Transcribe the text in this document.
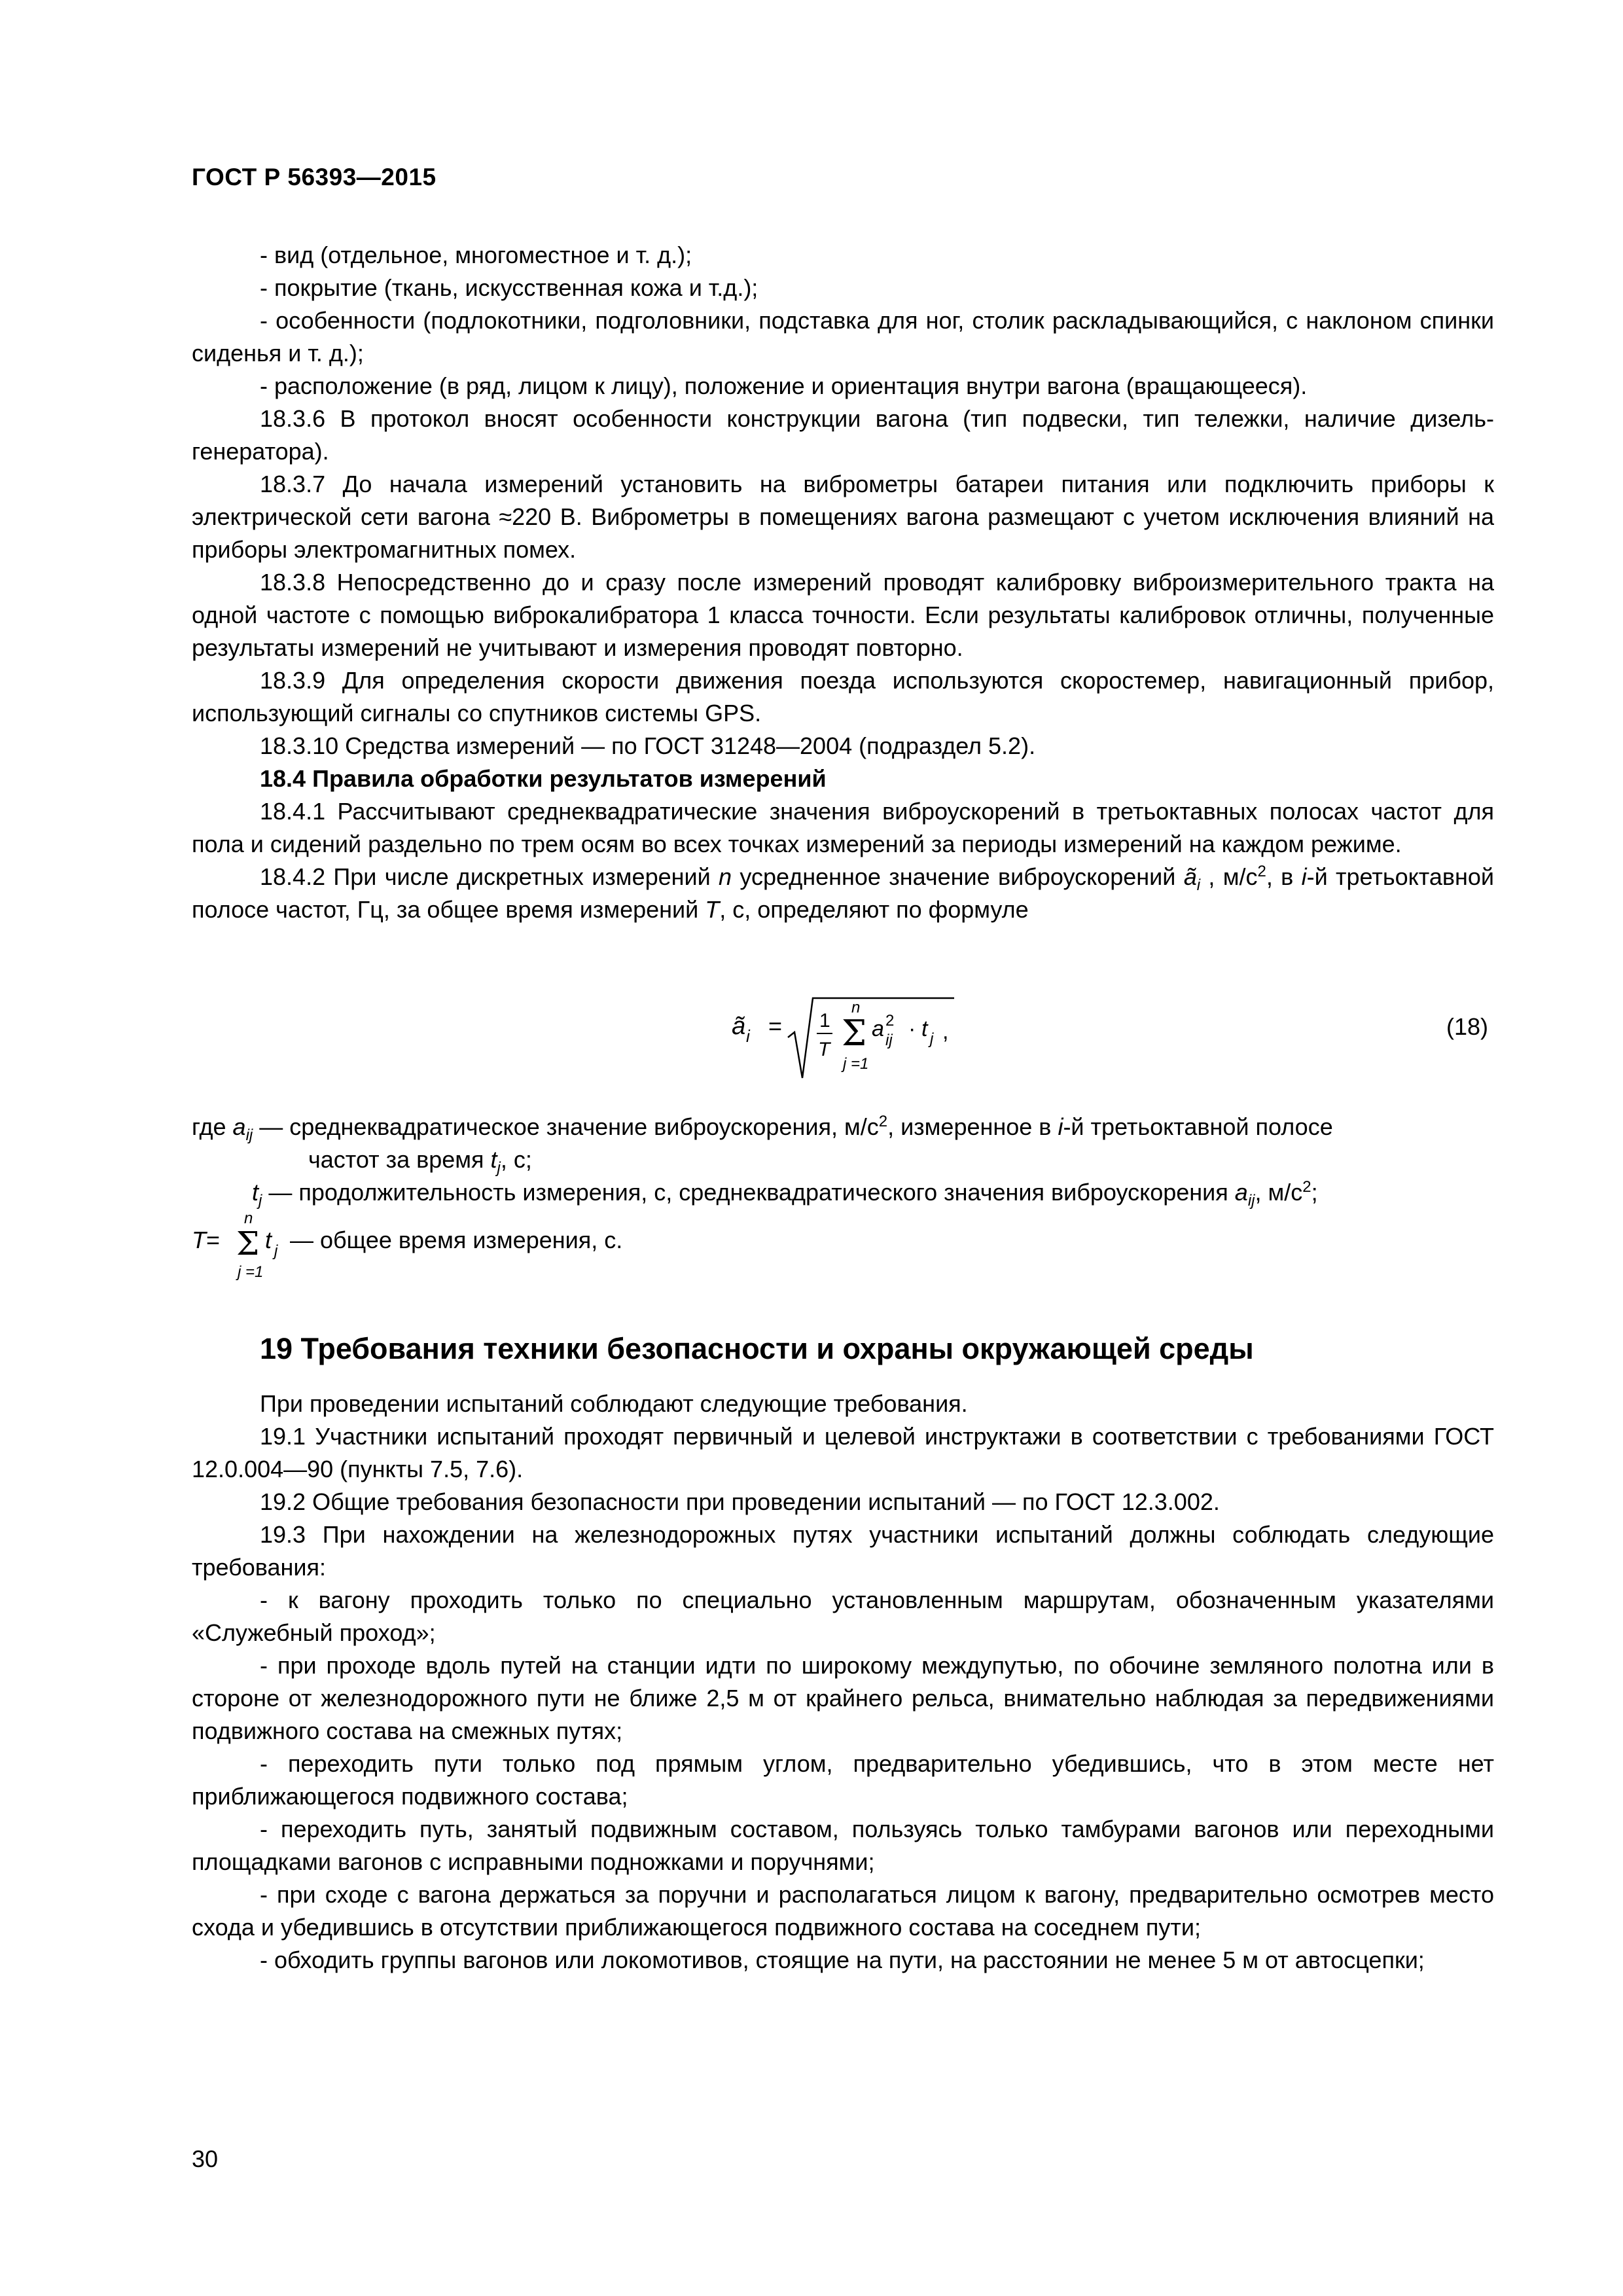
ГОСТ Р 56393—2015

- вид (отдельное, многоместное и т. д.);

- покрытие (ткань, искусственная кожа и т.д.);

- особенности (подлокотники, подголовники, подставка для ног, столик раскладывающийся, с наклоном спинки сиденья и т. д.);

- расположение (в ряд, лицом к лицу), положение и ориентация внутри вагона (вращающееся).

18.3.6 В протокол вносят особенности конструкции вагона (тип подвески, тип тележки, наличие дизель-генератора).

18.3.7 До начала измерений установить на виброметры батареи питания или подключить приборы к электрической сети вагона ≈220 В. Виброметры в помещениях вагона размещают с учетом исключения влияний на приборы электромагнитных помех.

18.3.8 Непосредственно до и сразу после измерений проводят калибровку виброизмерительного тракта на одной частоте с помощью виброкалибратора 1 класса точности. Если результаты калибровок отличны, полученные результаты измерений не учитывают и измерения проводят повторно.

18.3.9 Для определения скорости движения поезда используются скоростемер, навигационный прибор, использующий сигналы со спутников системы GPS.

18.3.10 Средства измерений — по ГОСТ 31248—2004 (подраздел 5.2).

18.4 Правила обработки результатов измерений

18.4.1 Рассчитывают среднеквадратические значения виброускорений в третьоктавных полосах частот для пола и сидений раздельно по трем осям во всех точках измерений за периоды измерений на каждом режиме.

18.4.2 При числе дискретных измерений n усредненное значение виброускорений $ã_i$ , $м/с^2$, в i-й третьоктавной полосе частот, Гц, за общее время измерений T, с, определяют по формуле

ã i = 1
T
n
Σ
j =1
a 2
ij · t j ,	(18)
где $a_{ij}$ — среднеквадратическое значение виброускорения, $м/с^2$, измеренное в i-й третьоктавной полосе
частот за время $t_j$, с;
$t_j$ — продолжительность измерения, с, среднеквадратического значения виброускорения $a_{ij}$, $м/с^2$;
T =
n
Σ
j =1
t j — общее время измерения, с.
19 Требования техники безопасности и охраны окружающей среды

При проведении испытаний соблюдают следующие требования.

19.1 Участники испытаний проходят первичный и целевой инструктажи в соответствии с требованиями ГОСТ 12.0.004—90 (пункты 7.5, 7.6).

19.2 Общие требования безопасности при проведении испытаний — по ГОСТ 12.3.002.

19.3 При нахождении на железнодорожных путях участники испытаний должны соблюдать следующие требования:

- к вагону проходить только по специально установленным маршрутам, обозначенным указателями «Служебный проход»;

- при проходе вдоль путей на станции идти по широкому междупутью, по обочине земляного полотна или в стороне от железнодорожного пути не ближе 2,5 м от крайнего рельса, внимательно наблюдая за передвижениями подвижного состава на смежных путях;

- переходить пути только под прямым углом, предварительно убедившись, что в этом месте нет приближающегося подвижного состава;

- переходить путь, занятый подвижным составом, пользуясь только тамбурами вагонов или переходными площадками вагонов с исправными подножками и поручнями;

- при сходе с вагона держаться за поручни и располагаться лицом к вагону, предварительно осмотрев место схода и убедившись в отсутствии приближающегося подвижного состава на соседнем пути;

- обходить группы вагонов или локомотивов, стоящие на пути, на расстоянии не менее 5 м от автосцепки;

30
